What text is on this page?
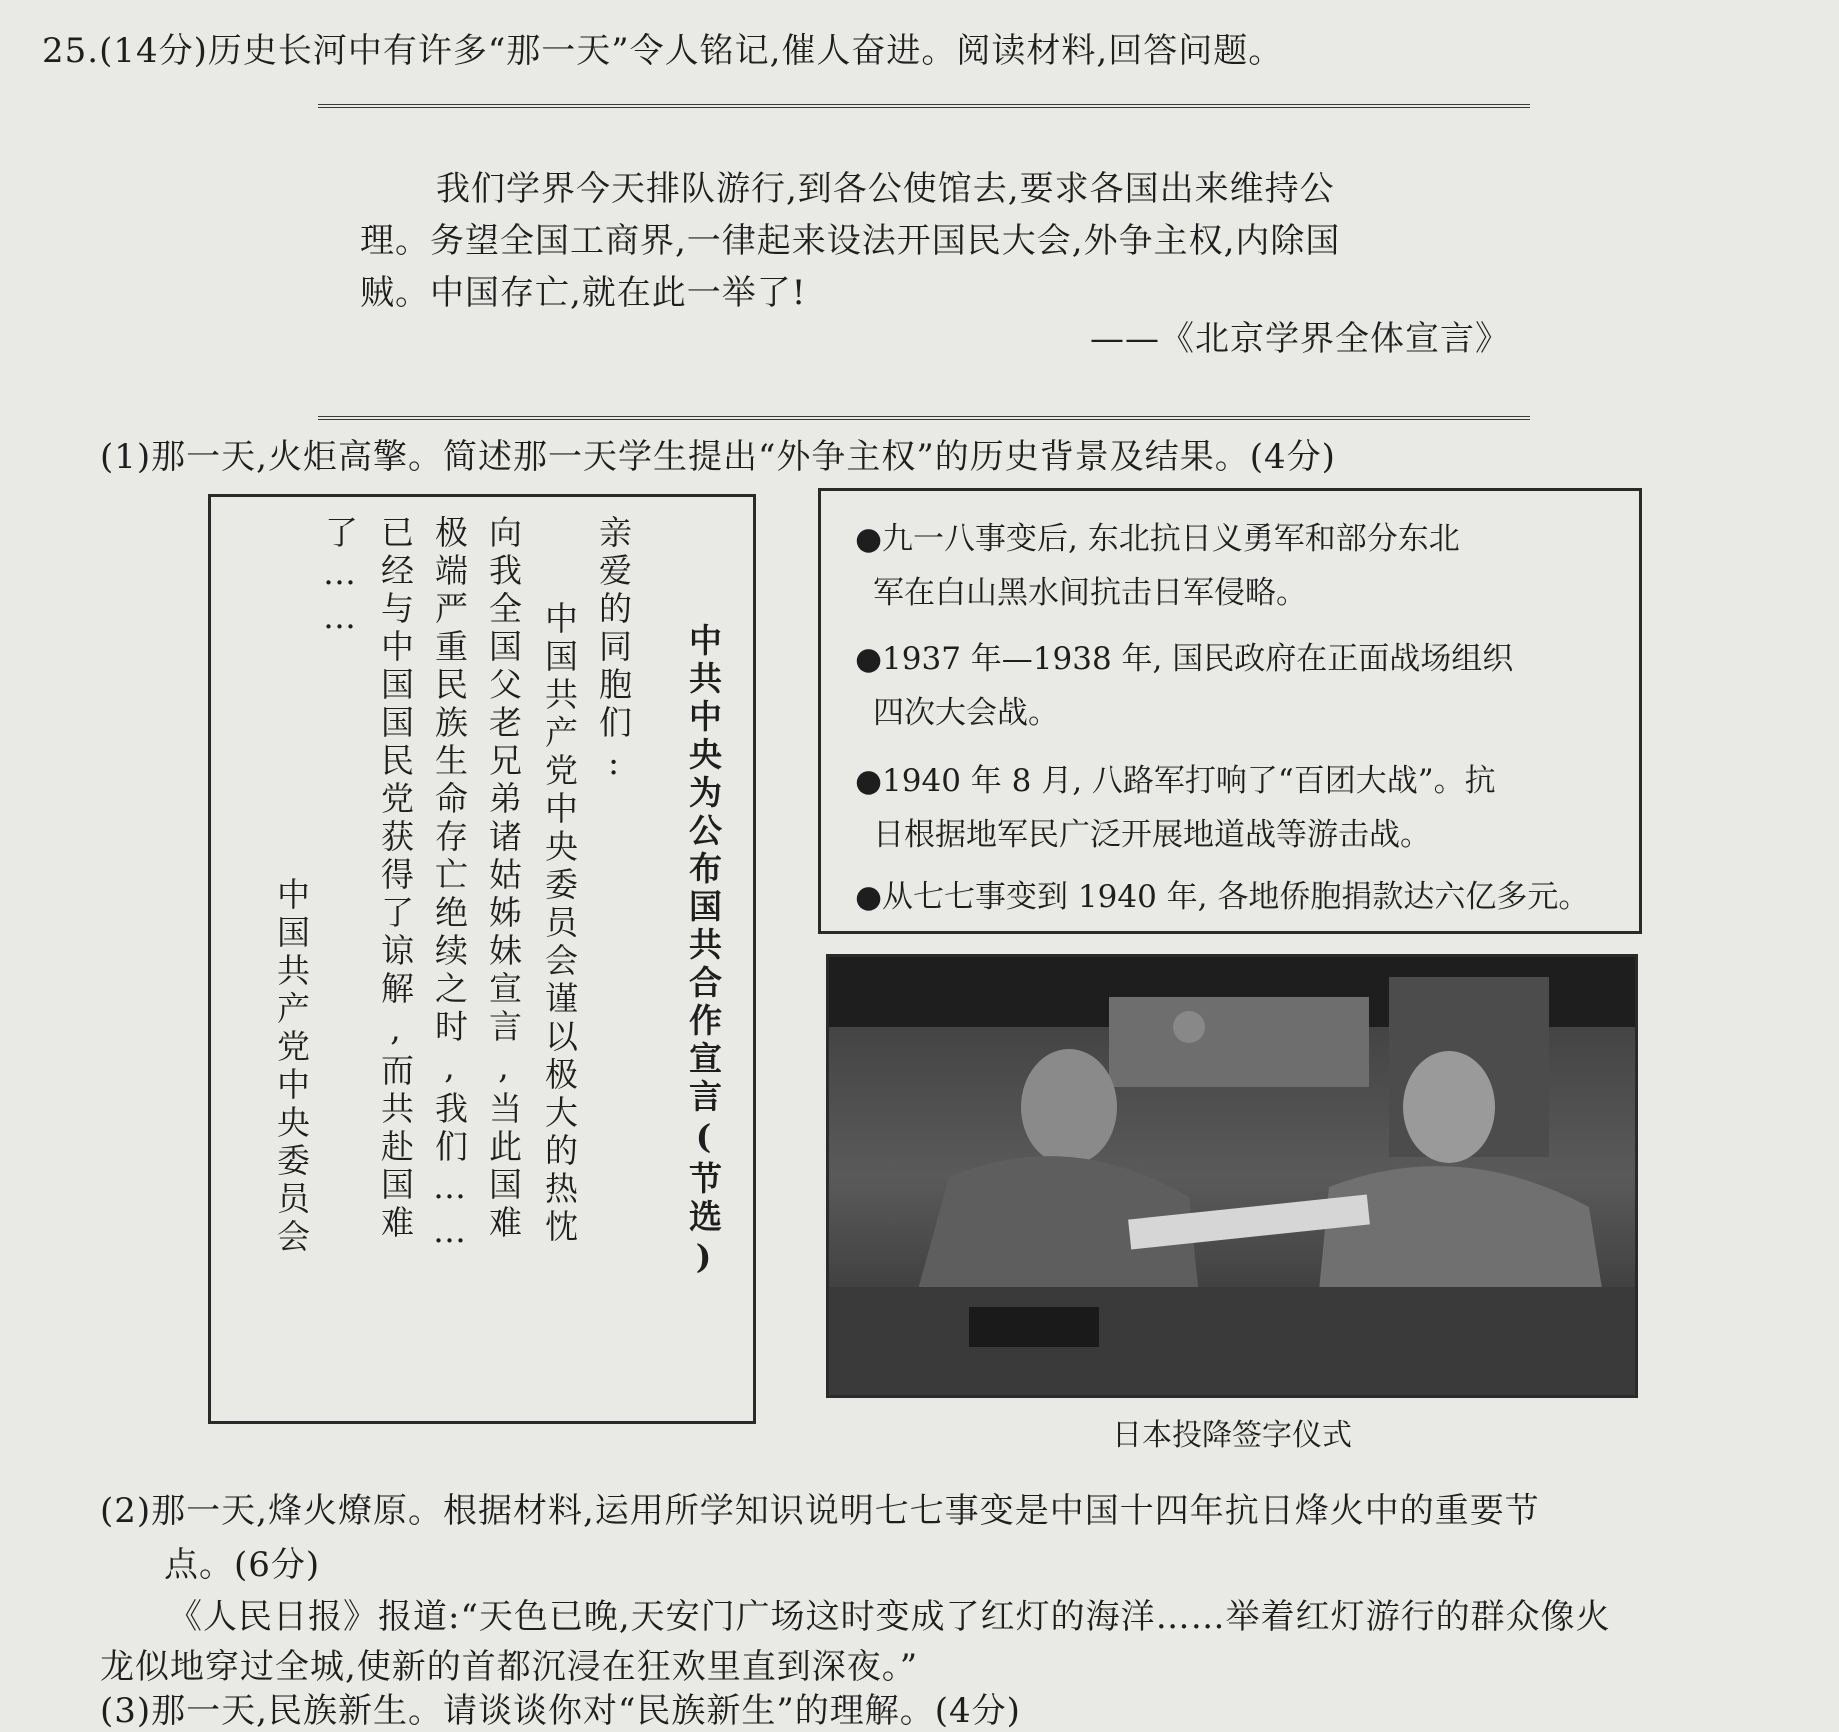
25.(14分)历史长河中有许多“那一天”令人铭记,催人奋进。阅读材料,回答问题。
我们学界今天排队游行,到各公使馆去,要求各国出来维持公
理。务望全国工商界,一律起来设法开国民大会,外争主权,内除国
贼。中国存亡,就在此一举了!
——《北京学界全体宣言》
(1)那一天,火炬高擎。简述那一天学生提出“外争主权”的历史背景及结果。(4分)
中共中央为公布国共合作宣言(节选)
亲爱的同胞们:
中国共产党中央委员会谨以极大的热忱
向我全国父老兄弟诸姑姊妹宣言,当此国难
极端严重民族生命存亡绝续之时,我们……
已经与中国国民党获得了谅解,而共赴国难
了……
中国共产党中央委员会
●九一八事变后, 东北抗日义勇军和部分东北
军在白山黑水间抗击日军侵略。
●1937 年—1938 年, 国民政府在正面战场组织
四次大会战。
●1940 年 8 月, 八路军打响了“百团大战”。抗
日根据地军民广泛开展地道战等游击战。
●从七七事变到 1940 年, 各地侨胞捐款达六亿多元。
日本投降签字仪式
(2)那一天,烽火燎原。根据材料,运用所学知识说明七七事变是中国十四年抗日烽火中的重要节
点。(6分)
《人民日报》报道:“天色已晚,天安门广场这时变成了红灯的海洋……举着红灯游行的群众像火
龙似地穿过全城,使新的首都沉浸在狂欢里直到深夜。”
(3)那一天,民族新生。请谈谈你对“民族新生”的理解。(4分)
